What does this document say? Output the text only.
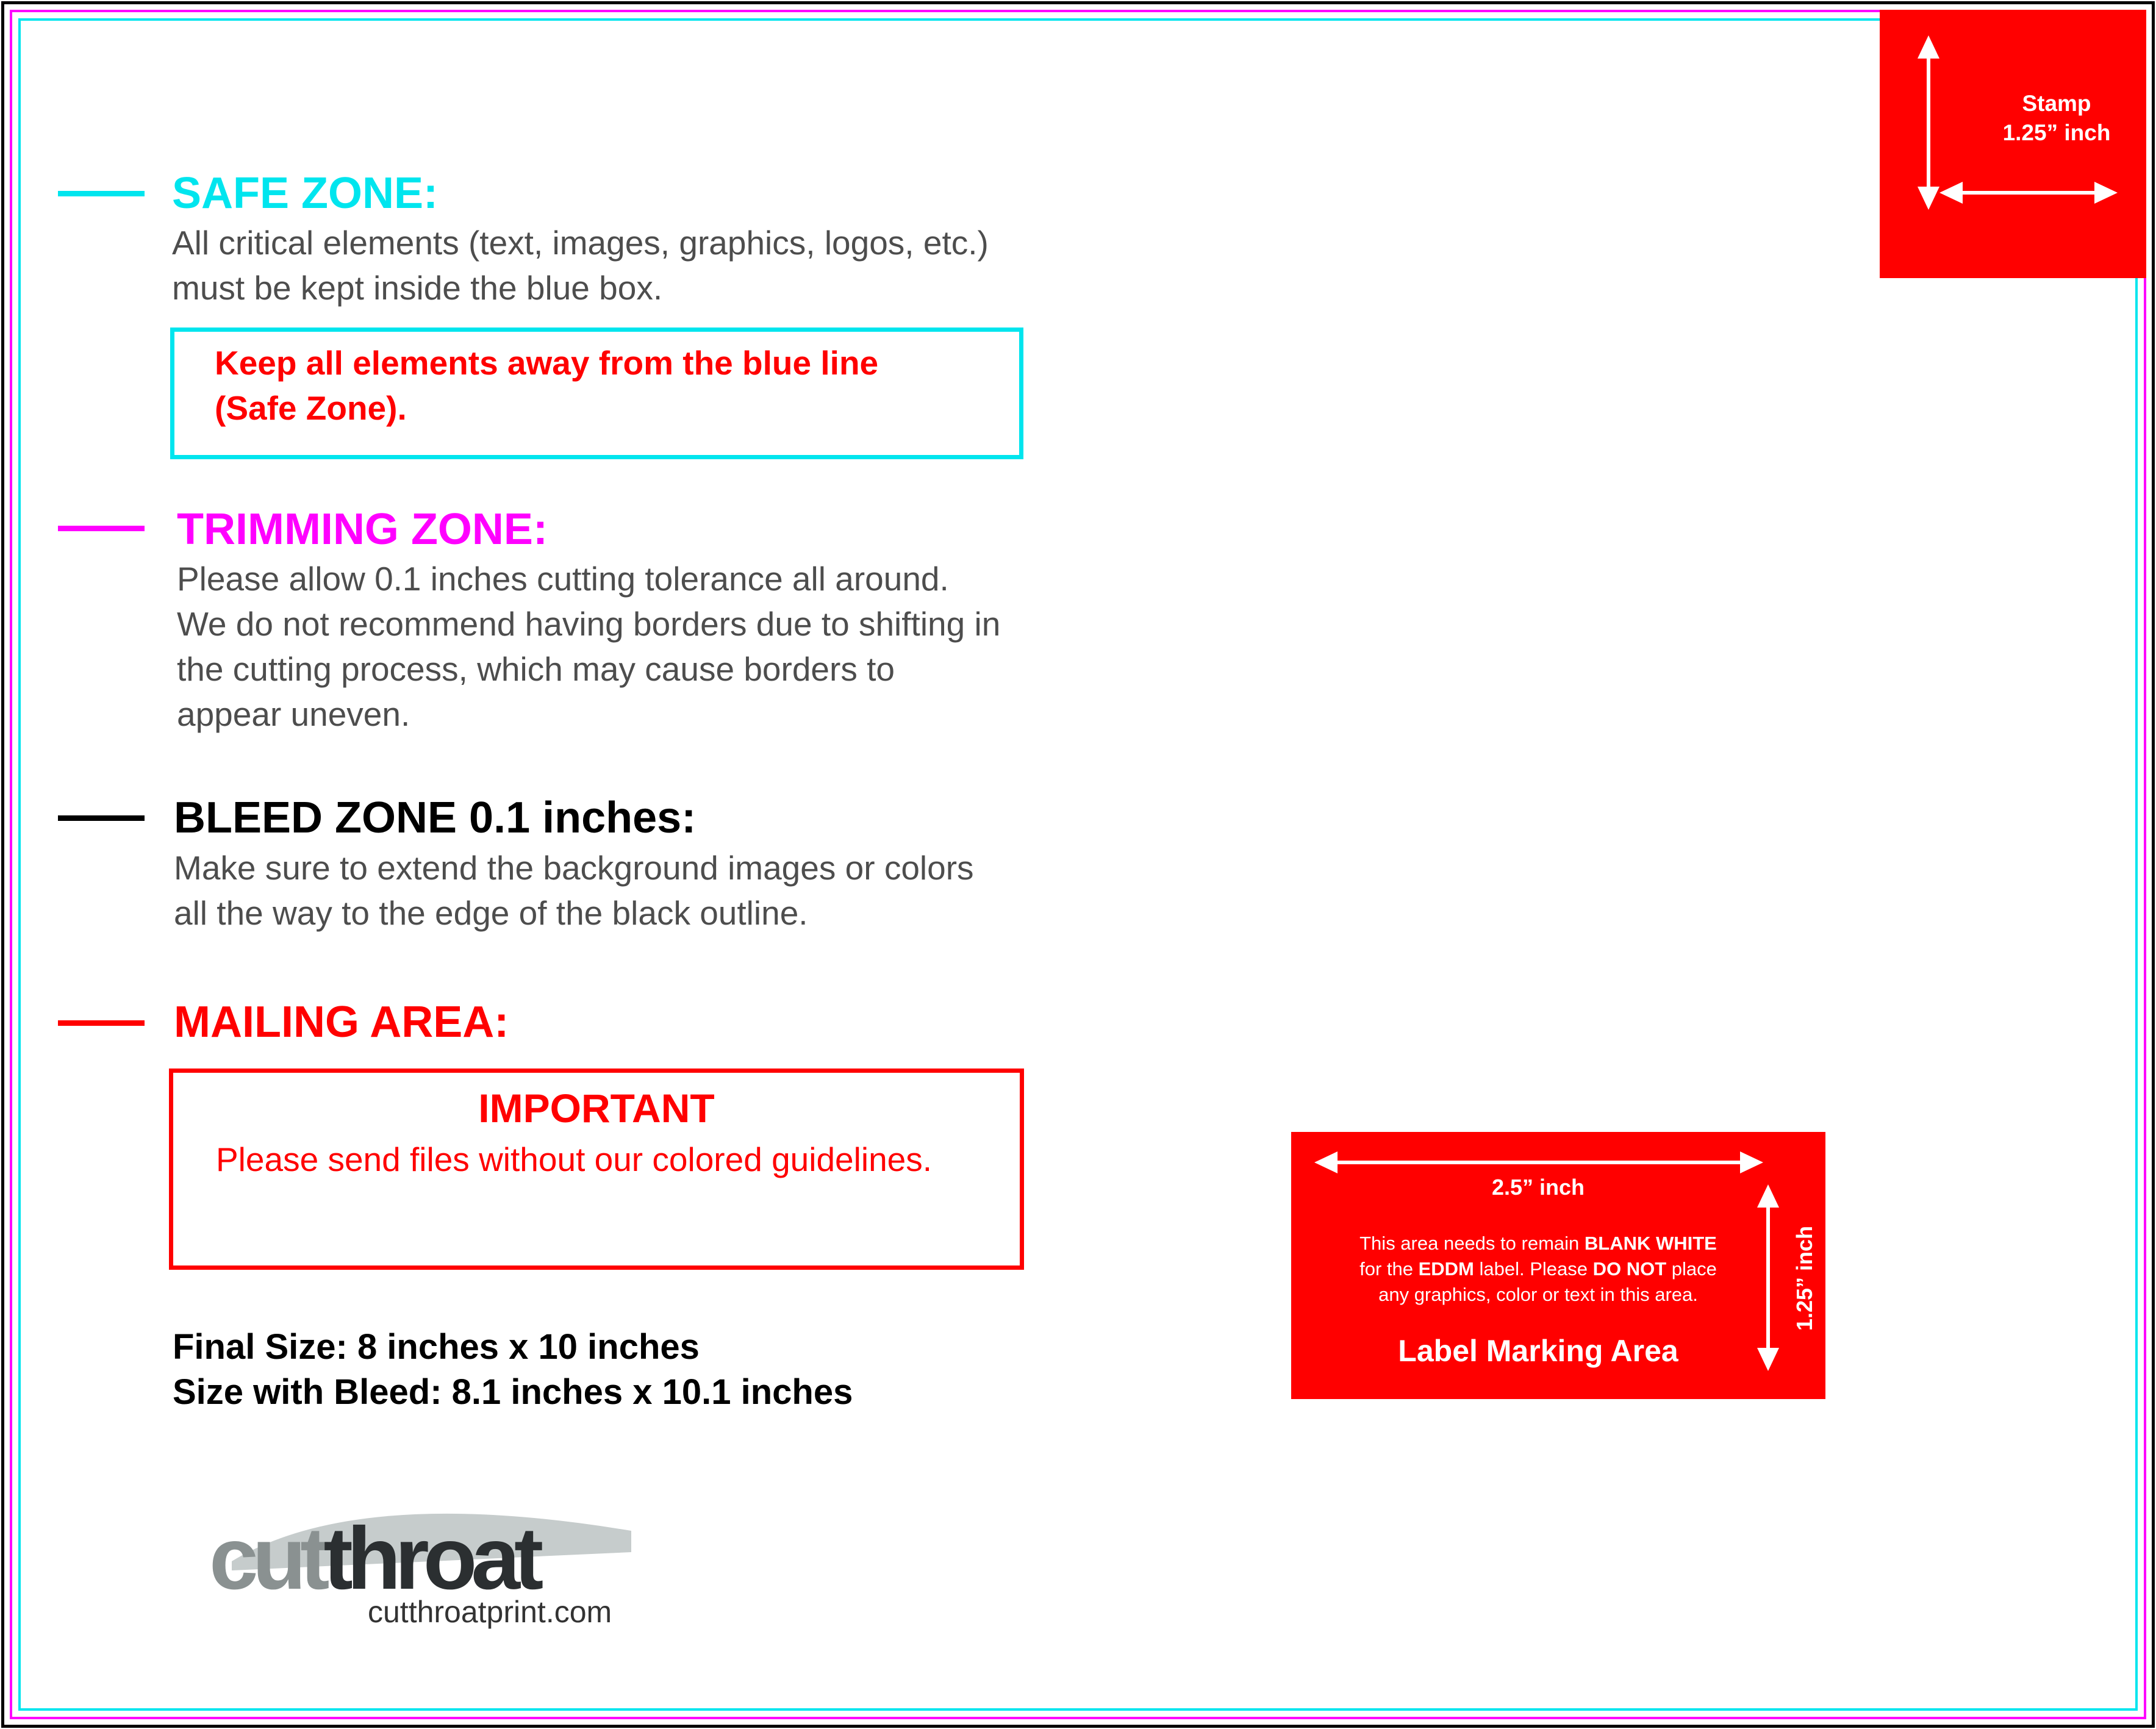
SAFE ZONE:

All critical elements (text, images, graphics, logos, etc.)
must be kept inside the blue box.

Keep all elements away from the blue line
(Safe Zone).

TRIMMING ZONE:

Please allow 0.1 inches cutting tolerance all around.
We do not recommend having borders due to shifting in
the cutting process, which may cause borders to
appear uneven.

BLEED ZONE 0.1 inches:

Make sure to extend the background images or colors
all the way to the edge of the black outline.

MAILING AREA:

IMPORTANT

Please send files without our colored guidelines.

Final Size: 8 inches x 10 inches
Size with Bleed: 8.1 inches x 10.1 inches

cutthroat
cutthroatprint.com

Stamp
1.25” inch

2.5” inch

This area needs to remain BLANK WHITE
for the EDDM label. Please DO NOT place
any graphics, color or text in this area.

Label Marking Area

1.25” inch
